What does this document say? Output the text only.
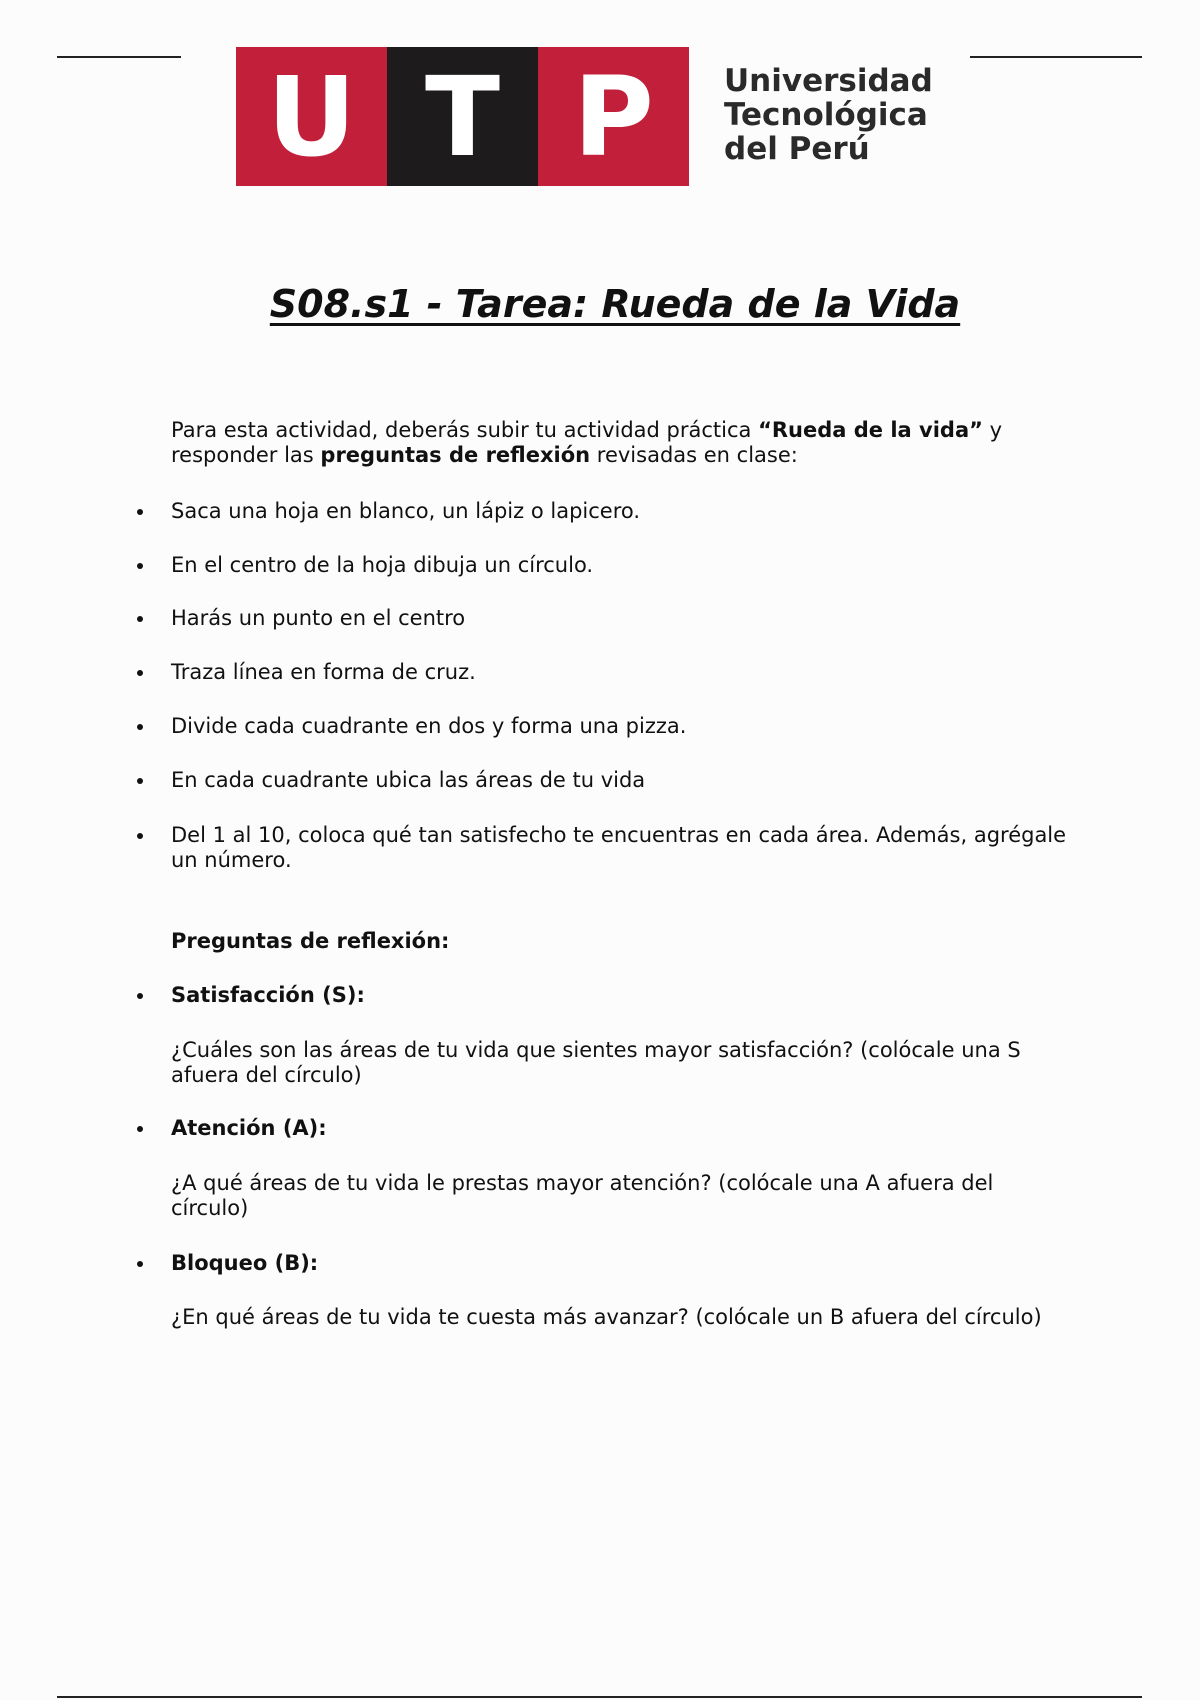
U T P	Universidad
Tecnológica
del Perú
S08.s1 - Tarea: Rueda de la Vida
Para esta actividad, deberás subir tu actividad práctica “Rueda de la vida” y responder las preguntas de reflexión revisadas en clase:
Saca una hoja en blanco, un lápiz o lapicero.
En el centro de la hoja dibuja un círculo.
Harás un punto en el centro
Traza línea en forma de cruz.
Divide cada cuadrante en dos y forma una pizza.
En cada cuadrante ubica las áreas de tu vida
Del 1 al 10, coloca qué tan satisfecho te encuentras en cada área. Además, agrégale un número.
Preguntas de reflexión:
Satisfacción (S):
¿Cuáles son las áreas de tu vida que sientes mayor satisfacción? (colócale una S afuera del círculo)
Atención (A):
¿A qué áreas de tu vida le prestas mayor atención? (colócale una A afuera del círculo)
Bloqueo (B):
¿En qué áreas de tu vida te cuesta más avanzar? (colócale un B afuera del círculo)
